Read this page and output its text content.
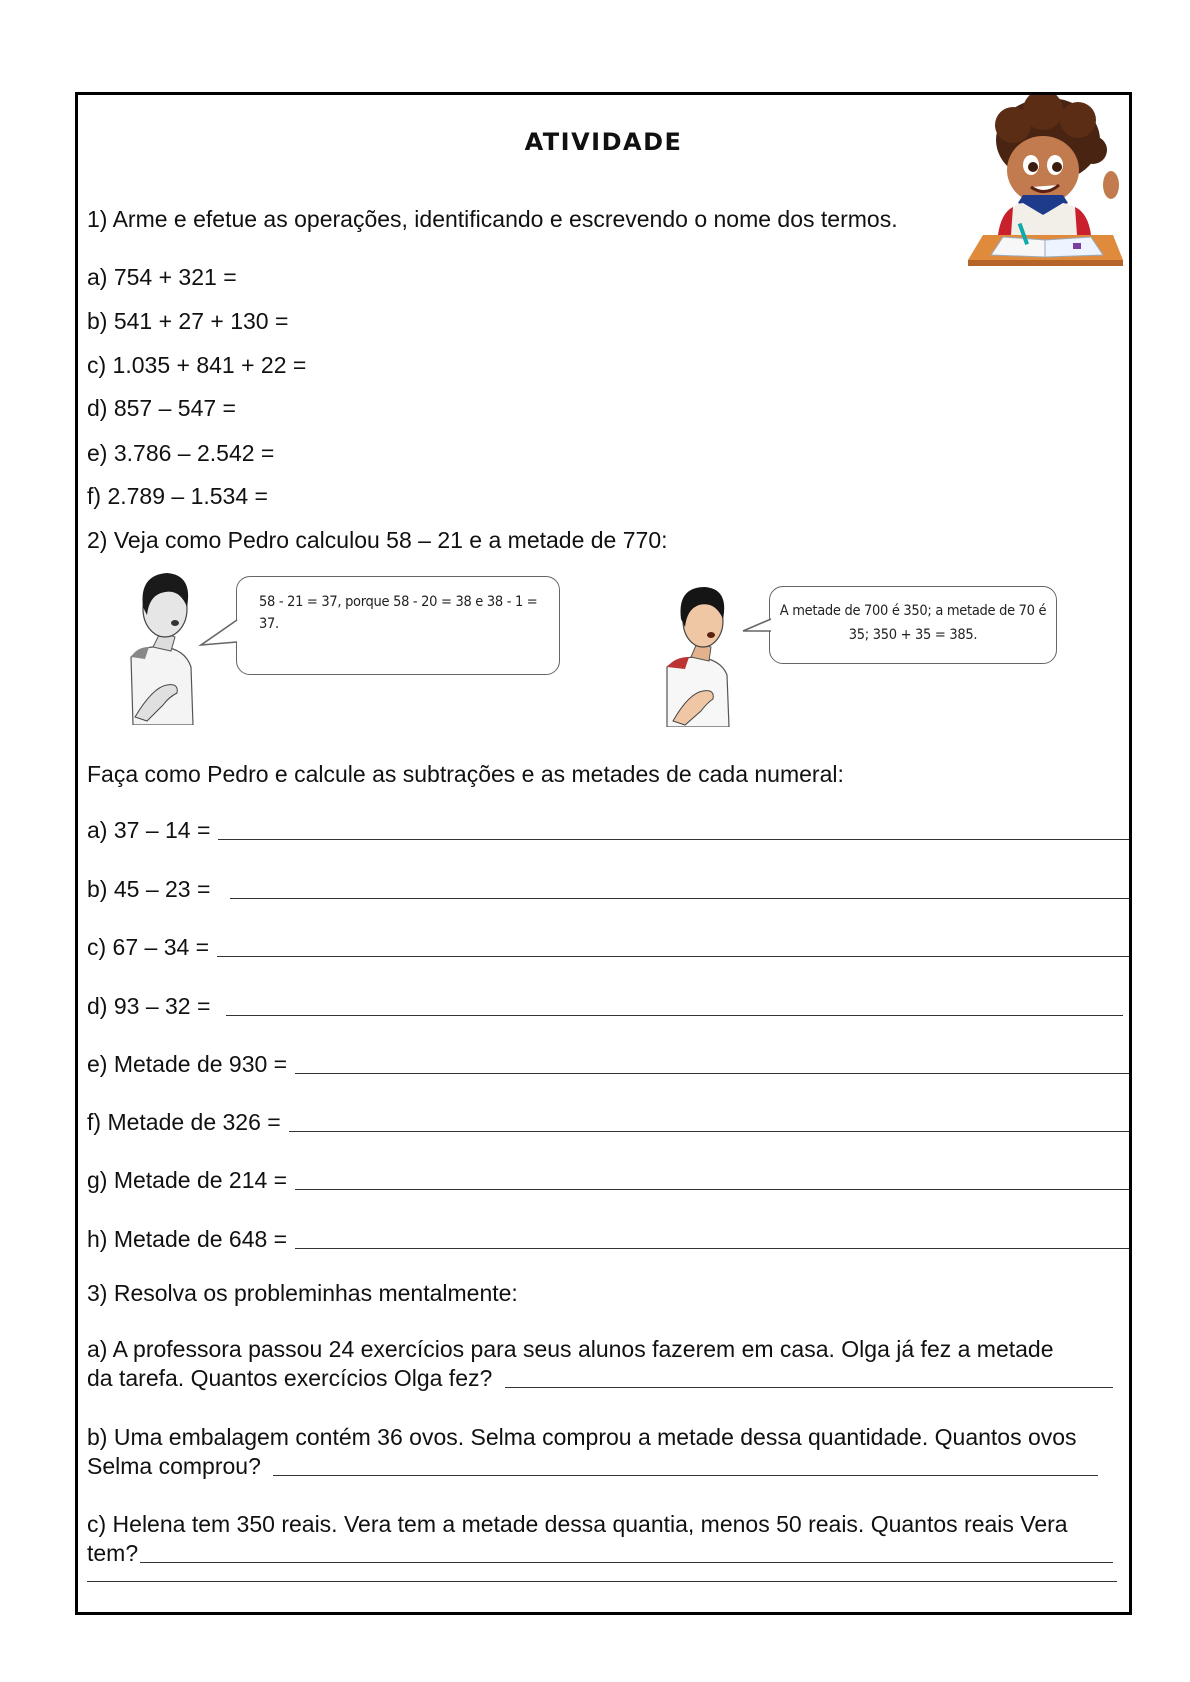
ATIVIDADE
1) Arme e efetue as operações, identificando e escrevendo o nome dos termos.
a) 754 + 321 =
b) 541 + 27 + 130 =
c) 1.035 + 841 + 22 =
d) 857 – 547 =
e) 3.786 – 2.542 =
f) 2.789 – 1.534 =
2) Veja como Pedro calculou 58 – 21 e a metade de 770:
58 - 21 = 37, porque 58 - 20 = 38 e 38 - 1 = 37.
A metade de 700 é 350; a metade de 70 é
35; 350 + 35 = 385.
Faça como Pedro e calcule as subtrações e as metades de cada numeral:
a) 37 – 14 =
b) 45 – 23 =
c) 67 – 34 =
d) 93 – 32 =
e) Metade de 930 =
f) Metade de 326 =
g) Metade de 214 =
h) Metade de 648 =
3) Resolva os probleminhas mentalmente:
a) A professora passou 24 exercícios para seus alunos fazerem em casa. Olga já fez a metade
da tarefa. Quantos exercícios Olga fez?
b) Uma embalagem contém 36 ovos. Selma comprou a metade dessa quantidade. Quantos ovos
Selma comprou?
c) Helena tem 350 reais. Vera tem a metade dessa quantia, menos 50 reais. Quantos reais Vera
tem?
